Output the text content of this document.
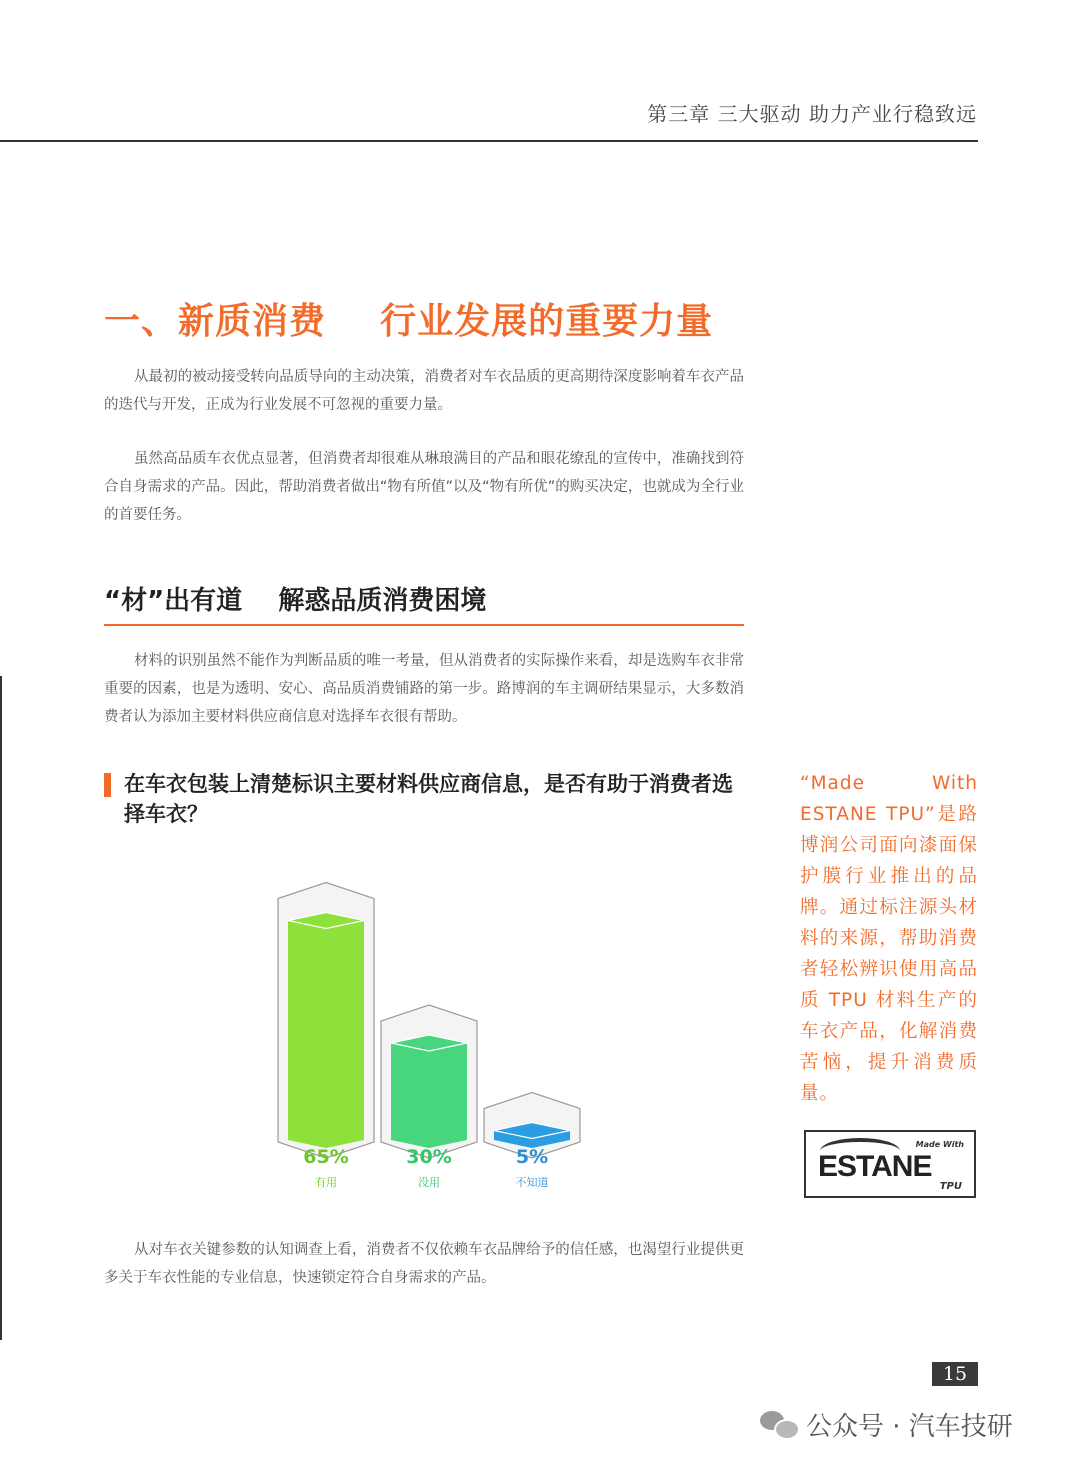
第三章 三大驱动 助力产业行稳致远
一、新质消费    行业发展的重要力量
从最初的被动接受转向品质导向的主动决策，消费者对车衣品质的更高期待深度影响着车衣产品的迭代与开发，正成为行业发展不可忽视的重要力量。
虽然高品质车衣优点显著，但消费者却很难从琳琅满目的产品和眼花缭乱的宣传中，准确找到符合自身需求的产品。因此，帮助消费者做出“物有所值”以及“物有所优”的购买决定，也就成为全行业的首要任务。
“材”出有道    解惑品质消费困境
材料的识别虽然不能作为判断品质的唯一考量，但从消费者的实际操作来看，却是选购车衣非常重要的因素，也是为透明、安心、高品质消费铺路的第一步。路博润的车主调研结果显示，大多数消费者认为添加主要材料供应商信息对选择车衣很有帮助。
在车衣包装上清楚标识主要材料供应商信息，是否有助于消费者选择车衣？
65%
有用
30%
没用
5%
不知道
从对车衣关键参数的认知调查上看，消费者不仅依赖车衣品牌给予的信任感，也渴望行业提供更多关于车衣性能的专业信息，快速锁定符合自身需求的产品。
“Made With ESTANE TPU”是路博润公司面向漆面保护膜行业推出的品牌。通过标注源头材料的来源，帮助消费者轻松辨识使用高品质 TPU 材料生产的车衣产品，化解消费苦恼，提升消费质量。
Made With
ESTANE
TPU
15
公众号 · 汽车技研
